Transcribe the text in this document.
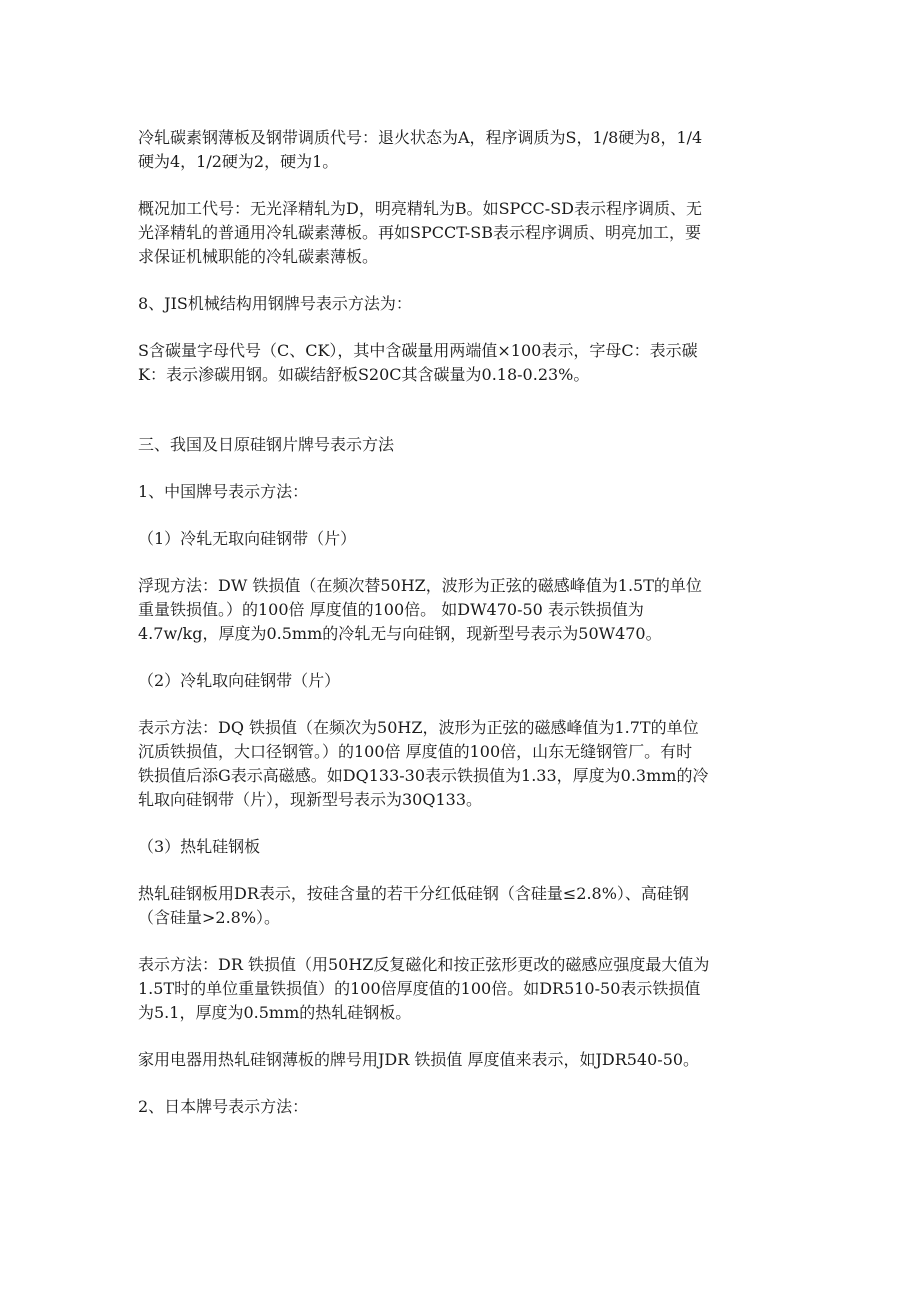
冷轧碳素钢薄板及钢带调质代号：退火状态为A，程序调质为S，1/8硬为8，1/4
硬为4，1/2硬为2，硬为1。

概况加工代号：无光泽精轧为D，明亮精轧为B。如SPCC-SD表示程序调质、无
光泽精轧的普通用冷轧碳素薄板。再如SPCCT-SB表示程序调质、明亮加工，要
求保证机械职能的冷轧碳素薄板。

8、JIS机械结构用钢牌号表示方法为：

S含碳量字母代号（C、CK），其中含碳量用两端值×100表示，字母C：表示碳
K：表示渗碳用钢。如碳结舒板S20C其含碳量为0.18-0.23%。

三、我国及日原硅钢片牌号表示方法

1、中国牌号表示方法：

（1）冷轧无取向硅钢带（片）

浮现方法：DW 铁损值（在频次替50HZ，波形为正弦的磁感峰值为1.5T的单位
重量铁损值。）的100倍 厚度值的100倍。 如DW470-50 表示铁损值为
4.7w/kg，厚度为0.5mm的冷轧无与向硅钢，现新型号表示为50W470。

（2）冷轧取向硅钢带（片）

表示方法：DQ 铁损值（在频次为50HZ，波形为正弦的磁感峰值为1.7T的单位
沉质铁损值，大口径钢管。）的100倍 厚度值的100倍，山东无缝钢管厂。有时
铁损值后添G表示高磁感。如DQ133-30表示铁损值为1.33，厚度为0.3mm的冷
轧取向硅钢带（片），现新型号表示为30Q133。

（3）热轧硅钢板

热轧硅钢板用DR表示，按硅含量的若干分红低硅钢（含硅量≤2.8%）、高硅钢
（含硅量>2.8%）。

表示方法：DR 铁损值（用50HZ反复磁化和按正弦形更改的磁感应强度最大值为
1.5T时的单位重量铁损值）的100倍厚度值的100倍。如DR510-50表示铁损值
为5.1，厚度为0.5mm的热轧硅钢板。

家用电器用热轧硅钢薄板的牌号用JDR 铁损值 厚度值来表示，如JDR540-50。

2、日本牌号表示方法：
